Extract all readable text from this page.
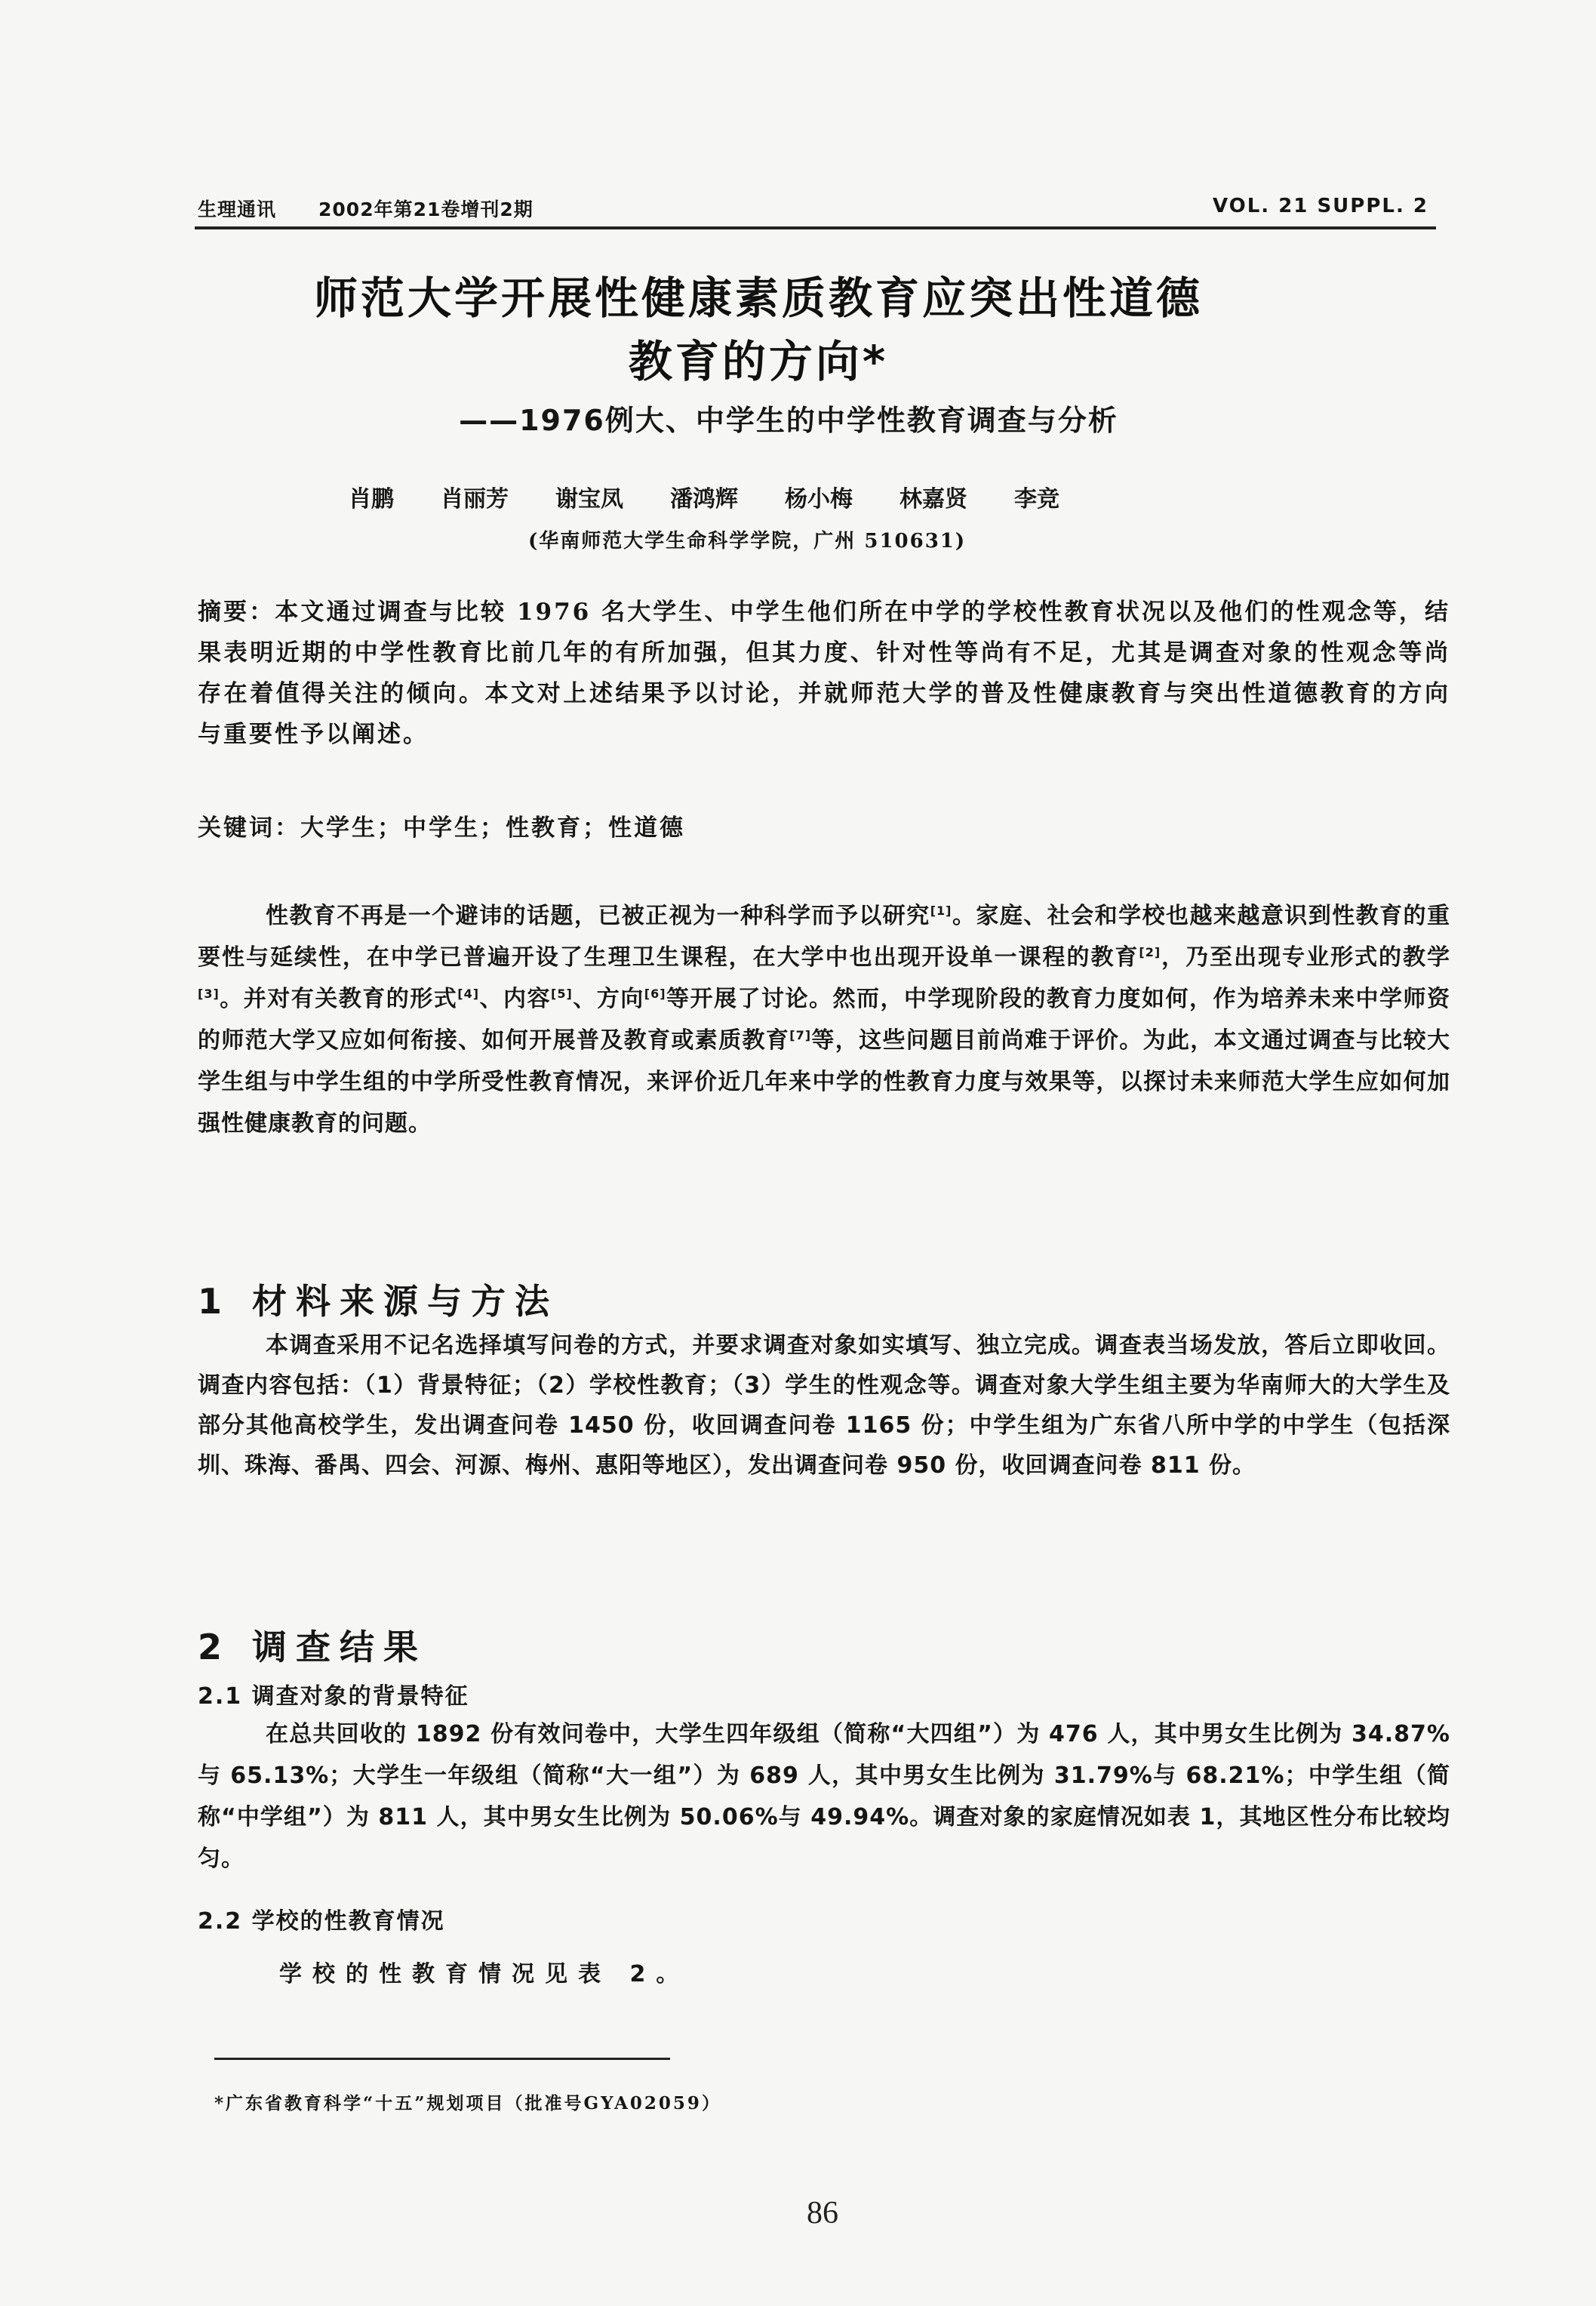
生理通讯 2002年第21卷增刊2期	VOL. 21 SUPPL. 2
师范大学开展性健康素质教育应突出性道德
教育的方向*
——1976例大、中学生的中学性教育调查与分析
肖鹏 肖丽芳 谢宝凤 潘鸿辉 杨小梅 林嘉贤 李竞
(华南师范大学生命科学学院，广州 510631)
摘要：本文通过调查与比较 1976 名大学生、中学生他们所在中学的学校性教育状况以及他们的性观念等，结果表明近期的中学性教育比前几年的有所加强，但其力度、针对性等尚有不足，尤其是调查对象的性观念等尚存在着值得关注的倾向。本文对上述结果予以讨论，并就师范大学的普及性健康教育与突出性道德教育的方向与重要性予以阐述。
关键词：大学生；中学生；性教育；性道德
性教育不再是一个避讳的话题，已被正视为一种科学而予以研究[1]。家庭、社会和学校也越来越意识到性教育的重要性与延续性，在中学已普遍开设了生理卫生课程，在大学中也出现开设单一课程的教育[2]，乃至出现专业形式的教学[3]。并对有关教育的形式[4]、内容[5]、方向[6]等开展了讨论。然而，中学现阶段的教育力度如何，作为培养未来中学师资的师范大学又应如何衔接、如何开展普及教育或素质教育[7]等，这些问题目前尚难于评价。为此，本文通过调查与比较大学生组与中学生组的中学所受性教育情况，来评价近几年来中学的性教育力度与效果等，以探讨未来师范大学生应如何加强性健康教育的问题。
1 材料来源与方法
本调查采用不记名选择填写问卷的方式，并要求调查对象如实填写、独立完成。调查表当场发放，答后立即收回。调查内容包括：（1）背景特征；（2）学校性教育；（3）学生的性观念等。调查对象大学生组主要为华南师大的大学生及部分其他高校学生，发出调查问卷 1450 份，收回调查问卷 1165 份；中学生组为广东省八所中学的中学生（包括深圳、珠海、番禺、四会、河源、梅州、惠阳等地区），发出调查问卷 950 份，收回调查问卷 811 份。
2 调查结果
2.1 调查对象的背景特征
在总共回收的 1892 份有效问卷中，大学生四年级组（简称“大四组”）为 476 人，其中男女生比例为 34.87%与 65.13%；大学生一年级组（简称“大一组”）为 689 人，其中男女生比例为 31.79%与 68.21%；中学生组（简称“中学组”）为 811 人，其中男女生比例为 50.06%与 49.94%。调查对象的家庭情况如表 1，其地区性分布比较均匀。
2.2 学校的性教育情况
学校的性教育情况见表 2。
*广东省教育科学“十五”规划项目（批准号GYA02059）
86
